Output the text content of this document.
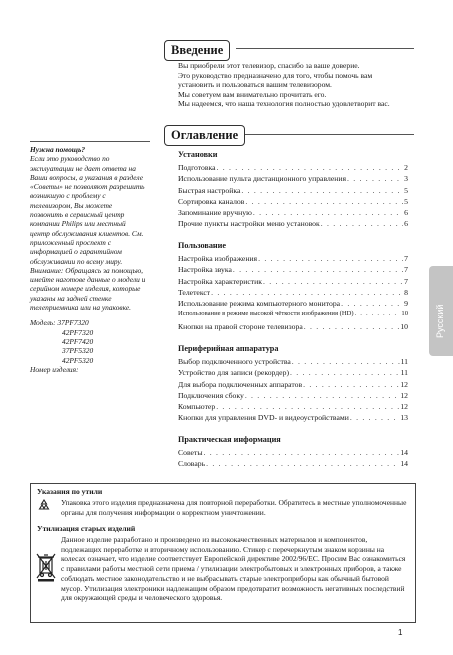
Введение

Вы приобрели этот телевизор, спасибо за ваше доверие.

Это руководство предназначено для того, чтобы помочь вам

установить и пользоваться вашим телевизором.

Мы советуем вам внимательно прочитать его.

Мы надеемся, что наша технология полностью удовлетворит вас.

Оглавление
Установки
Подготовка . . .	2
Использование пульта дистанционного управления . . .	3
Быстрая настройка . . .	5
Сортировка каналов . . .	5
Запоминание вручную . . .	6
Прочие пункты настройки меню установок . . .	6
Пользование
Настройка изображения . . .	7
Настройка звука . . .	7
Настройка характеристик . . .	7
Телетекст . . .	8
Использование режима компьютерного монитора . . .	9
Использование в режиме высокой чёткости изображения (HD) . . .	10
Кнопки на правой стороне телевизора . . .	10
Периферийная аппаратура
Выбор подключенного устройства . . .	11
Устройство для записи (рекордер) . . .	11
Для выбора подключенных аппаратов . . .	12
Подключения сбоку . . .	12
Компьютер . . .	12
Кнопки для управления DVD- и видеоустройствами . . .	13
Практическая информация
Советы . . .	14
Словарь . . .	14
Нужна помощь?
Если это руководство по эксплуатации не дает ответа на Ваши вопросы, а указания в разделе «Советы» не позволяют разрешить возникшую с проблему с телевизором, Вы можете позвонить в сервисный центр компании Philips или местный центр обслуживания клиентов. См. приложенный проспект с информацией о гарантийном обслуживании по всему миру. Внимание: Обращаясь за помощью, имейте наготове данные о модели и серийном номере изделия, которые указаны на задней стенке телеприемника или на упаковке.
Модель: 37PF7320
42PF7320
42PF7420
37PF5320
42PF5320
Номер изделия:
Русский
Указания по утили
Упаковка этого изделия предназначена для повторной переработки. Обратитесь в местные уполномоченные органы для получения информации о корректном уничтожении.
Утилизация старых изделий
Данное изделие разработано и произведено из высококачественных материалов и компонентов, подлежащих переработке и вторичному использованию. Стикер с перечеркнутым знаком корзины на колесах означает, что изделие соответствует Европейской директиве 2002/96/EC. Просим Вас ознакомиться с правилами работы местной сети приема / утилизации электробытовых и электронных приборов, а также соблюдать местное законодательство и не выбрасывать старые электроприборы как обычный бытовой мусор. Утилизация электроники надлежащим образом предотвратит возможность негативных последствий для окружающей среды и человеческого здоровья.
1
